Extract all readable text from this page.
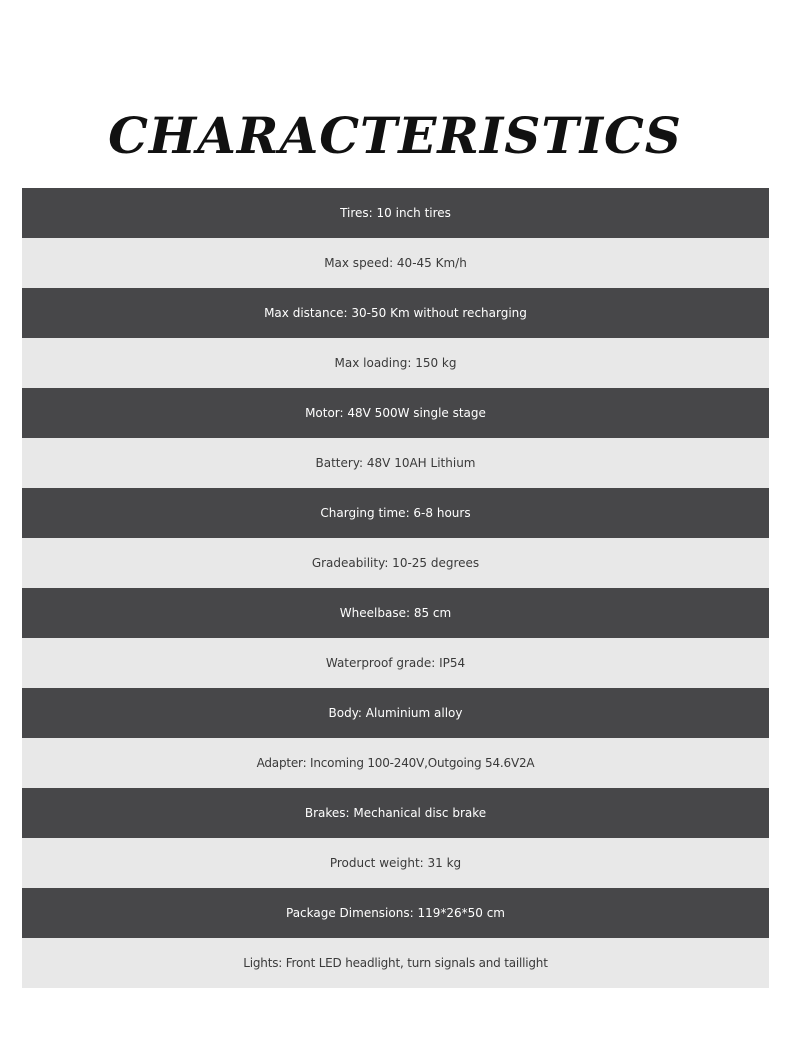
CHARACTERISTICS
Tires: 10 inch tires
Max speed: 40-45 Km/h
Max distance: 30-50 Km without recharging
Max loading: 150 kg
Motor: 48V 500W single stage
Battery: 48V 10AH Lithium
Charging time: 6-8 hours
Gradeability: 10-25 degrees
Wheelbase: 85 cm
Waterproof grade: IP54
Body: Aluminium alloy
Adapter: Incoming 100-240V,Outgoing 54.6V2A
Brakes: Mechanical disc brake
Product weight: 31 kg
Package Dimensions: 119*26*50 cm
Lights: Front LED headlight, turn signals and taillight
